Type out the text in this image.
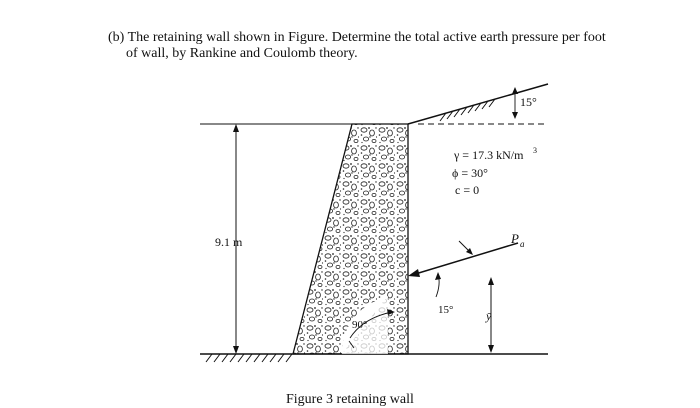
(b) The retaining wall shown in Figure. Determine the total active earth pressure per foot
of wall, by Rankine and Coulomb theory.
15°
γ = 17.3 kN/m 3
ϕ = 30°
c = 0
9.1 m	P a
15°	ȳ
90°
Figure 3 retaining wall
